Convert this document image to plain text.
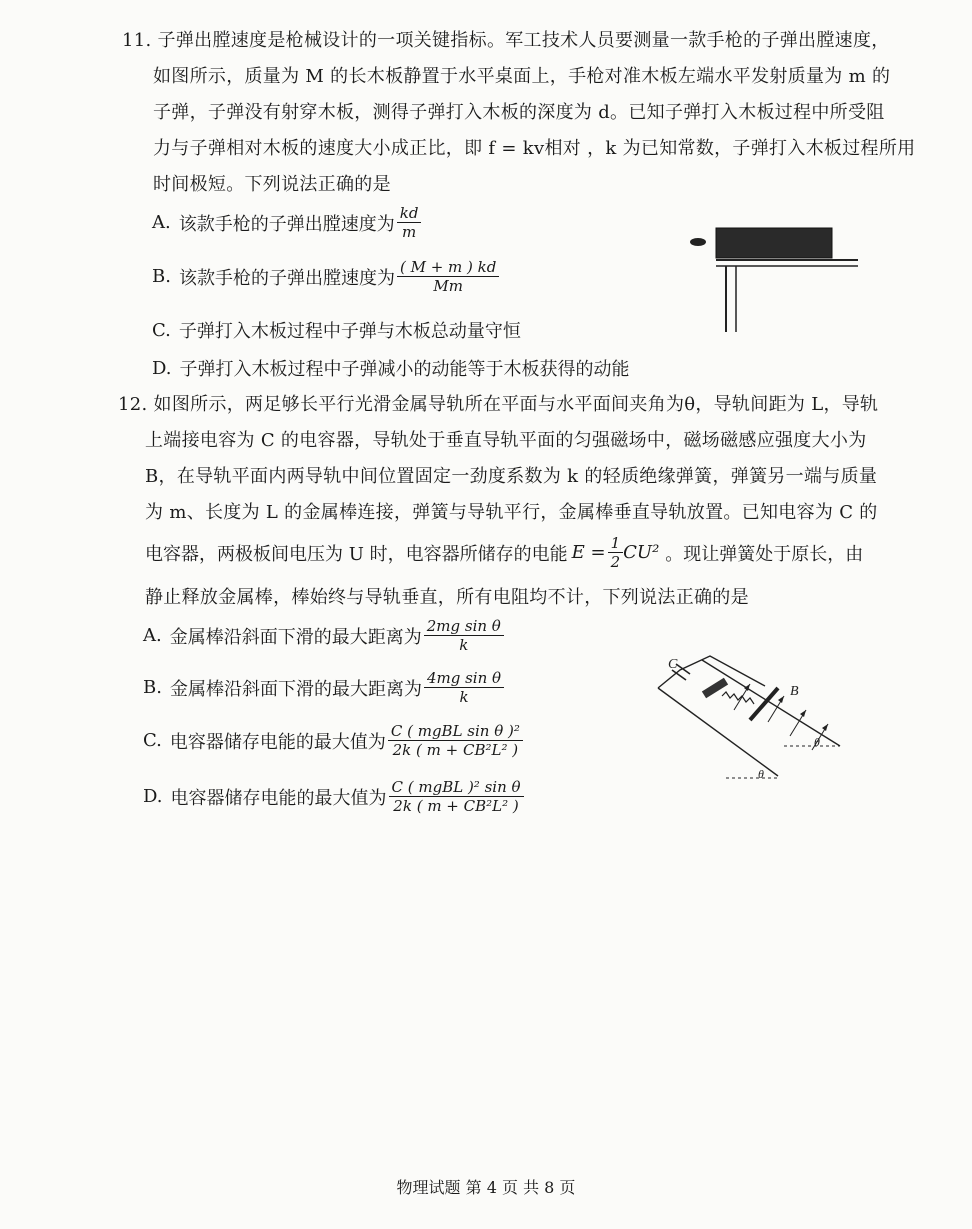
11. 子弹出膛速度是枪械设计的一项关键指标。军工技术人员要测量一款手枪的子弹出膛速度，
如图所示，质量为 M 的长木板静置于水平桌面上，手枪对准木板左端水平发射质量为 m 的
子弹，子弹没有射穿木板，测得子弹打入木板的深度为 d。已知子弹打入木板过程中所受阻
力与子弹相对木板的速度大小成正比，即 f = kv相对 ，k 为已知常数，子弹打入木板过程所用
时间极短。下列说法正确的是
A. 该款手枪的子弹出膛速度为 $\frac{kd}{m}$
B. 该款手枪的子弹出膛速度为 $\frac{( M + m ) kd}{Mm}$
C. 子弹打入木板过程中子弹与木板总动量守恒
D. 子弹打入木板过程中子弹减小的动能等于木板获得的动能
12. 如图所示，两足够长平行光滑金属导轨所在平面与水平面间夹角为θ，导轨间距为 L，导轨
上端接电容为 C 的电容器，导轨处于垂直导轨平面的匀强磁场中，磁场磁感应强度大小为
B，在导轨平面内两导轨中间位置固定一劲度系数为 k 的轻质绝缘弹簧，弹簧另一端与质量
为 m、长度为 L 的金属棒连接，弹簧与导轨平行，金属棒垂直导轨放置。已知电容为 C 的
电容器，两极板间电压为 U 时，电容器所储存的电能 $E = \frac{1}{2} CU^2$ 。现让弹簧处于原长，由
静止释放金属棒，棒始终与导轨垂直，所有电阻均不计，下列说法正确的是
A. 金属棒沿斜面下滑的最大距离为 $\frac{\text{2mg sin θ}}{k}$
B. 金属棒沿斜面下滑的最大距离为 $\frac{\text{4mg sin θ}}{k}$
C. 电容器储存电能的最大值为 $\frac{\text{C ( mgBL sin θ )²}}{\text{2k ( m + CB²L² )}}$
D. 电容器储存电能的最大值为 $\frac{\text{C ( mgBL )² sin θ}}{\text{2k ( m + CB²L² )}}$
C
B
θ
θ
物理试题 第 4 页 共 8 页
